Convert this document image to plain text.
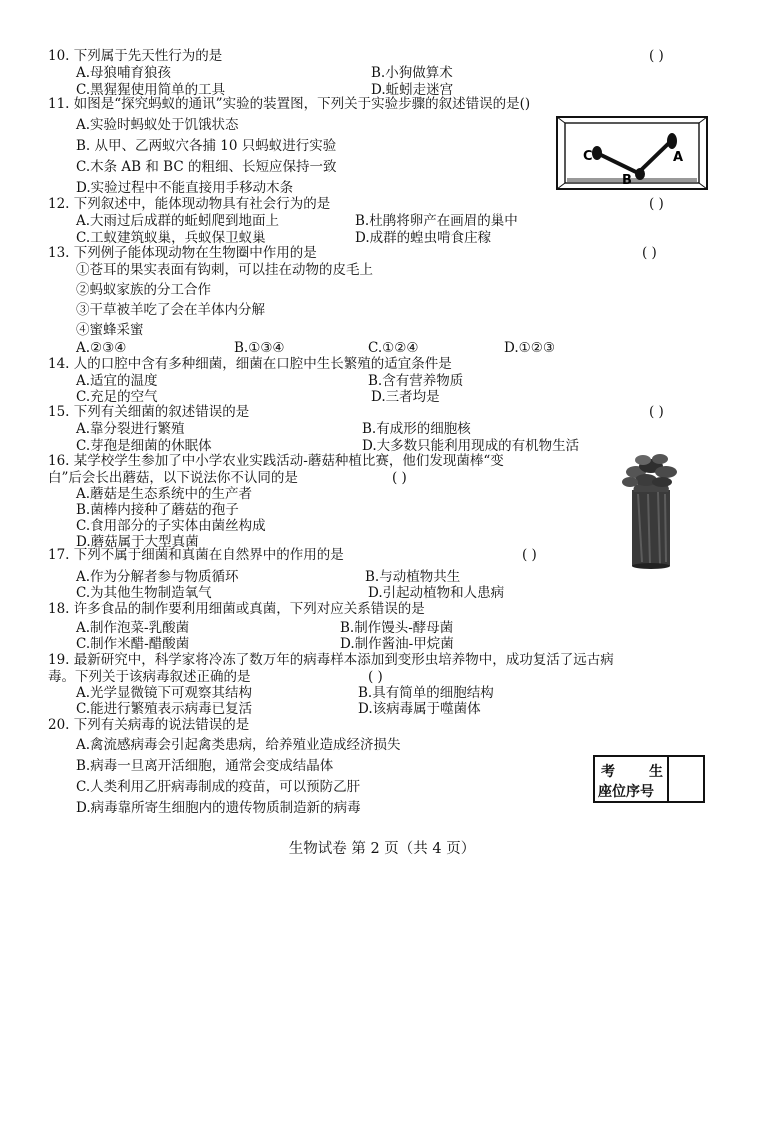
10. 下列属于先天性行为的是	( )
A.母狼哺育狼孩	B.小狗做算术
C.黑猩猩使用简单的工具	D.蚯蚓走迷宫
11. 如图是“探究蚂蚁的通讯”实验的装置图，下列关于实验步骤的叙述错误的是()
A.实验时蚂蚁处于饥饿状态
B. 从甲、乙两蚁穴各捕 10 只蚂蚁进行实验
C.木条 AB 和 BC 的粗细、长短应保持一致
D.实验过程中不能直接用手移动木条
C
B
A
12. 下列叙述中，能体现动物具有社会行为的是	( )
A.大雨过后成群的蚯蚓爬到地面上	B.杜鹃将卵产在画眉的巢中
C.工蚁建筑蚁巢，兵蚁保卫蚁巢	D.成群的蝗虫啃食庄稼
13. 下列例子能体现动物在生物圈中作用的是	( )
①苍耳的果实表面有钩刺，可以挂在动物的皮毛上
②蚂蚁家族的分工合作
③干草被羊吃了会在羊体内分解
④蜜蜂采蜜
A.②③④	B.①③④	C.①②④	D.①②③
14. 人的口腔中含有多种细菌，细菌在口腔中生长繁殖的适宜条件是
A.适宜的温度	B.含有营养物质
C.充足的空气	D.三者均是
15. 下列有关细菌的叙述错误的是	( )
A.靠分裂进行繁殖	B.有成形的细胞核
C.芽孢是细菌的休眠体	D.大多数只能利用现成的有机物生活
16. 某学校学生参加了中小学农业实践活动-蘑菇种植比赛，他们发现菌棒“变
白”后会长出蘑菇，以下说法你不认同的是	( )
A.蘑菇是生态系统中的生产者
B.菌棒内接种了蘑菇的孢子
C.食用部分的子实体由菌丝构成
D.蘑菇属于大型真菌
17. 下列不属于细菌和真菌在自然界中的作用的是	( )
A.作为分解者参与物质循环	B.与动植物共生
C.为其他生物制造氧气	D.引起动植物和人患病
18. 许多食品的制作要利用细菌或真菌，下列对应关系错误的是
A.制作泡菜-乳酸菌	B.制作馒头-酵母菌
C.制作米醋-醋酸菌	D.制作酱油-甲烷菌
19. 最新研究中，科学家将冷冻了数万年的病毒样本添加到变形虫培养物中，成功复活了远古病
毒。下列关于该病毒叙述正确的是	( )
A.光学显微镜下可观察其结构	B.具有简单的细胞结构
C.能进行繁殖表示病毒已复活	D.该病毒属于噬菌体
20. 下列有关病毒的说法错误的是
A.禽流感病毒会引起禽类患病，给养殖业造成经济损失
B.病毒一旦离开活细胞，通常会变成结晶体
C.人类利用乙肝病毒制成的疫苗，可以预防乙肝
D.病毒靠所寄生细胞内的遗传物质制造新的病毒
考 生
座位序号
生物试卷 第 2 页（共 4 页）
